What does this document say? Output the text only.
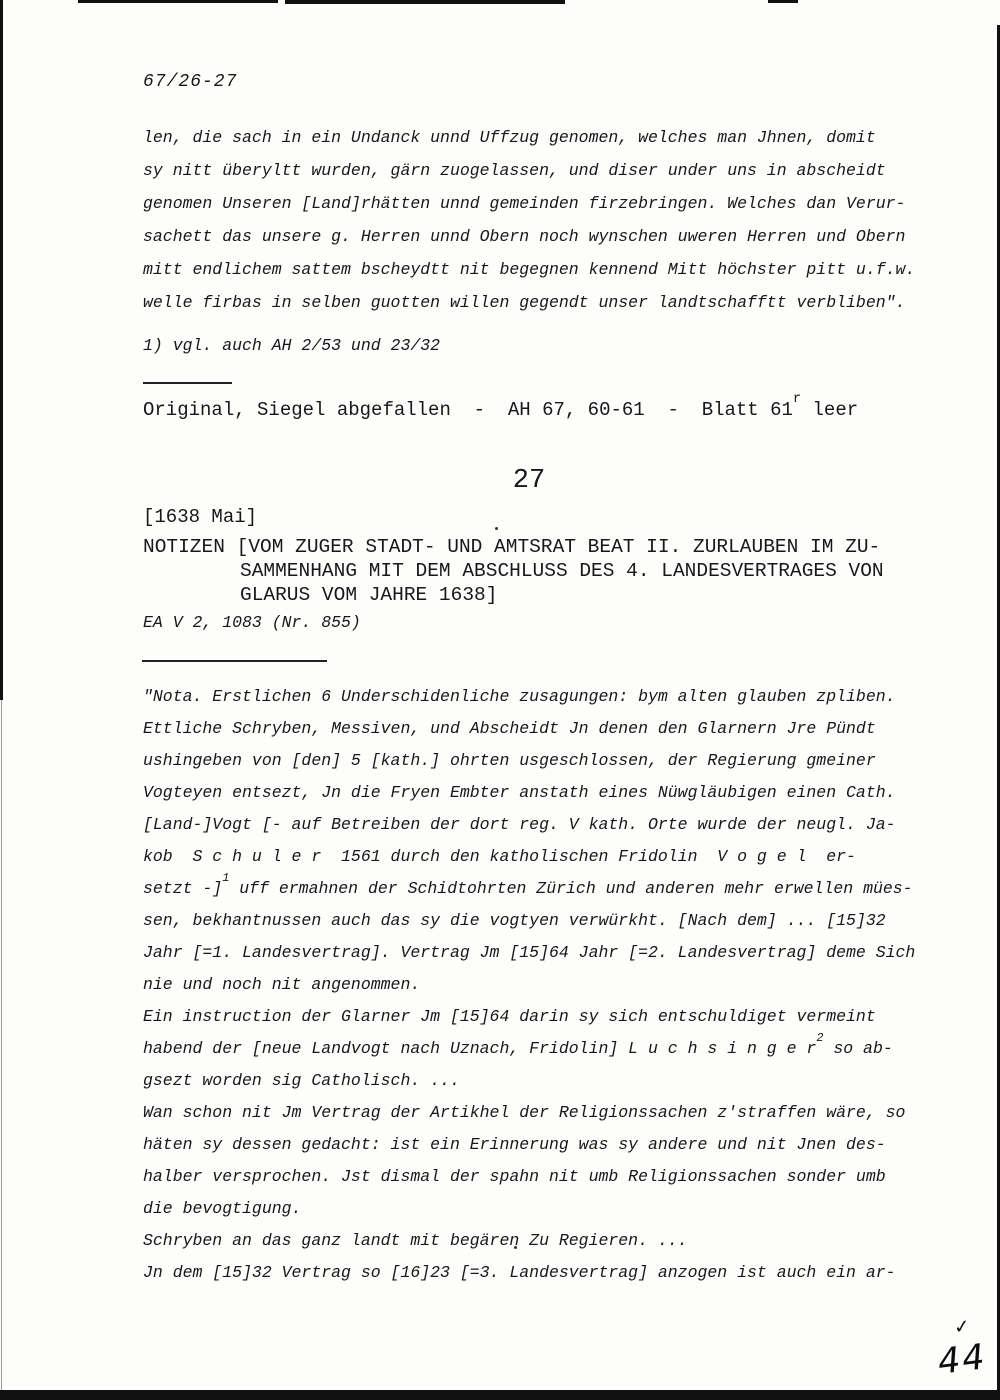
67/26-27
len, die sach in ein Undanck unnd Uffzug genomen, welches man Jhnen, domit
sy nitt überyltt wurden, gärn zuogelassen, und diser under uns in abscheidt
genomen Unseren [Land]rhätten unnd gemeinden firzebringen. Welches dan Verur-
sachett das unsere g. Herren unnd Obern noch wynschen uweren Herren und Obern
mitt endlichem sattem bscheydtt nit begegnen kennend Mitt höchster pitt u.f.w.
welle firbas in selben guotten willen gegendt unser landtschafftt verbliben".
1) vgl. auch AH 2/53 und 23/32
Original, Siegel abgefallen  -  AH 67, 60-61  -  Blatt 61$^r$ leer
27
[1638 Mai]
NOTIZEN [VOM ZUGER STADT- UND AMTSRAT BEAT II. ZURLAUBEN IM ZU-
SAMMENHANG MIT DEM ABSCHLUSS DES 4. LANDESVERTRAGES VON
GLARUS VOM JAHRE 1638]
EA V 2, 1083 (Nr. 855)
"Nota. Erstlichen 6 Underschidenliche zusagungen: bym alten glauben zpliben.
Ettliche Schryben, Messiven, und Abscheidt Jn denen den Glarnern Jre Pündt
ushingeben von [den] 5 [kath.] ohrten usgeschlossen, der Regierung gmeiner
Vogteyen entsezt, Jn die Fryen Embter anstath eines Nüwgläubigen einen Cath.
[Land-]Vogt [- auf Betreiben der dort reg. V kath. Orte wurde der neugl. Ja-
kob  S c h u l e r  1561 durch den katholischen Fridolin  V o g e l  er-
setzt -]$^1$ uff ermahnen der Schidtohrten Zürich und anderen mehr erwellen mües-
sen, bekhantnussen auch das sy die vogtyen verwürkht. [Nach dem] ... [15]32
Jahr [=1. Landesvertrag]. Vertrag Jm [15]64 Jahr [=2. Landesvertrag] deme Sich
nie und noch nit angenommen.
Ein instruction der Glarner Jm [15]64 darin sy sich entschuldiget vermeint
habend der [neue Landvogt nach Uznach, Fridolin] L u c h s i n g e $r^2$ so ab-
gsezt worden sig Catholisch. ...
Wan schon nit Jm Vertrag der Artikhel der Religionssachen z'straffen wäre, so
häten sy dessen gedacht: ist ein Erinnerung was sy andere und nit Jnen des-
halber versprochen. Jst dismal der spahn nit umb Religionssachen sonder umb
die bevogtigung.
Schryben an das ganz landt mit begären Zu Regieren. ...
Jn dem [15]32 Vertrag so [16]23 [=3. Landesvertrag] anzogen ist auch ein ar-
✓
44
